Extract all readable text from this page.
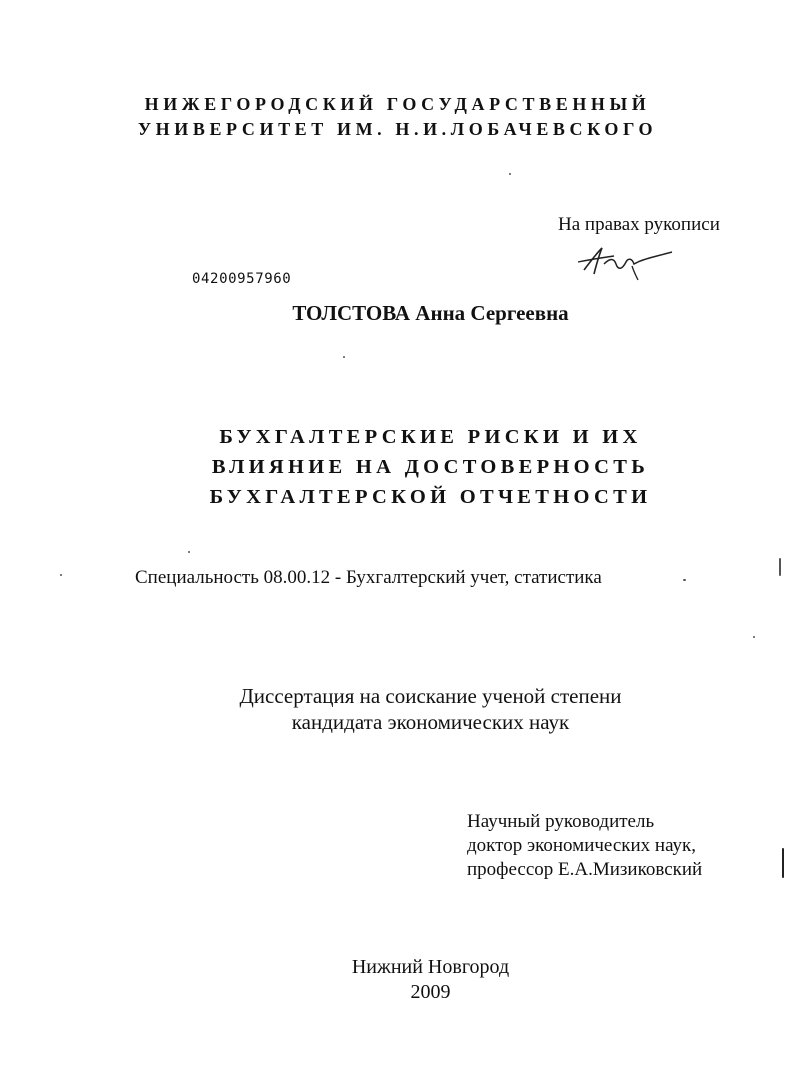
НИЖЕГОРОДСКИЙ ГОСУДАРСТВЕННЫЙ

УНИВЕРСИТЕТ ИМ. Н.И.ЛОБАЧЕВСКОГО

На правах рукописи

04200957960

ТОЛСТОВА Анна Сергеевна

БУХГАЛТЕРСКИЕ РИСКИ И ИХ

ВЛИЯНИЕ НА ДОСТОВЕРНОСТЬ

БУХГАЛТЕРСКОЙ ОТЧЕТНОСТИ

Специальность 08.00.12 - Бухгалтерский учет, статистика

Диссертация на соискание ученой степени

кандидата экономических наук

Научный руководитель

доктор экономических наук,

профессор Е.А.Мизиковский

Нижний Новгород

2009
